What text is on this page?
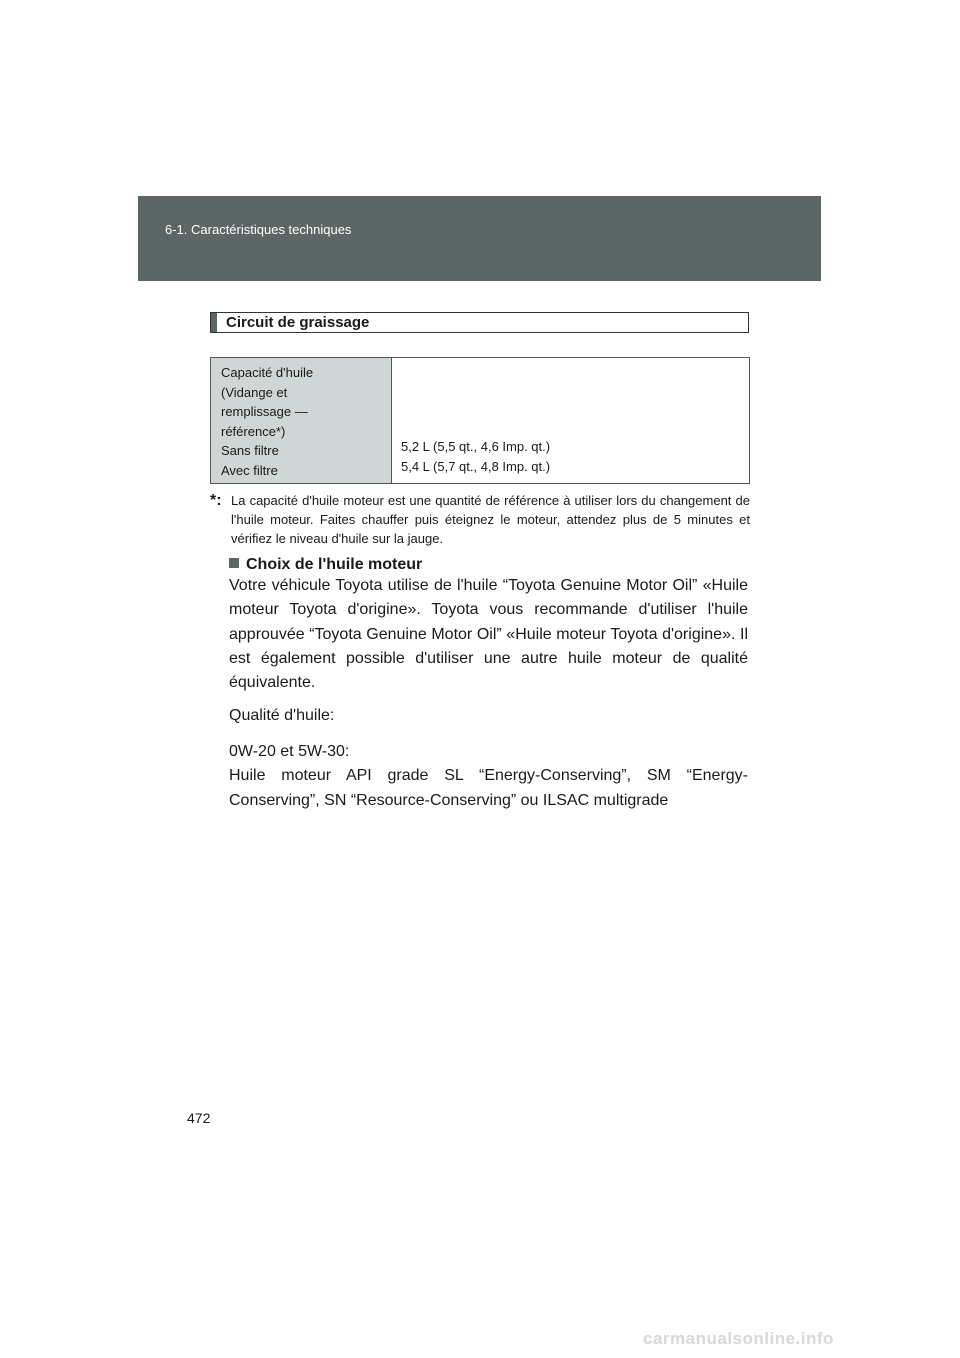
6-1. Caractéristiques techniques
Circuit de graissage
Capacité d'huile
(Vidange et
remplissage —
référence*)
Sans filtre
Avec filtre
5,2 L (5,5 qt., 4,6 Imp. qt.)
5,4 L (5,7 qt., 4,8 Imp. qt.)
*: La capacité d'huile moteur est une quantité de référence à utiliser lors du changement de l'huile moteur. Faites chauffer puis éteignez le moteur, attendez plus de 5 minutes et vérifiez le niveau d'huile sur la jauge.
Choix de l'huile moteur
Votre véhicule Toyota utilise de l'huile “Toyota Genuine Motor Oil” «Huile moteur Toyota d'origine». Toyota vous recommande d'utiliser l'huile approuvée “Toyota Genuine Motor Oil” «Huile moteur Toyota d'origine». Il est également possible d'utiliser une autre huile moteur de qualité équivalente.
Qualité d'huile:
0W-20 et 5W-30:
Huile moteur API grade SL “Energy-Conserving”, SM “Energy-Conserving”, SN “Resource-Conserving” ou ILSAC multigrade
472
carmanualsonline.info
